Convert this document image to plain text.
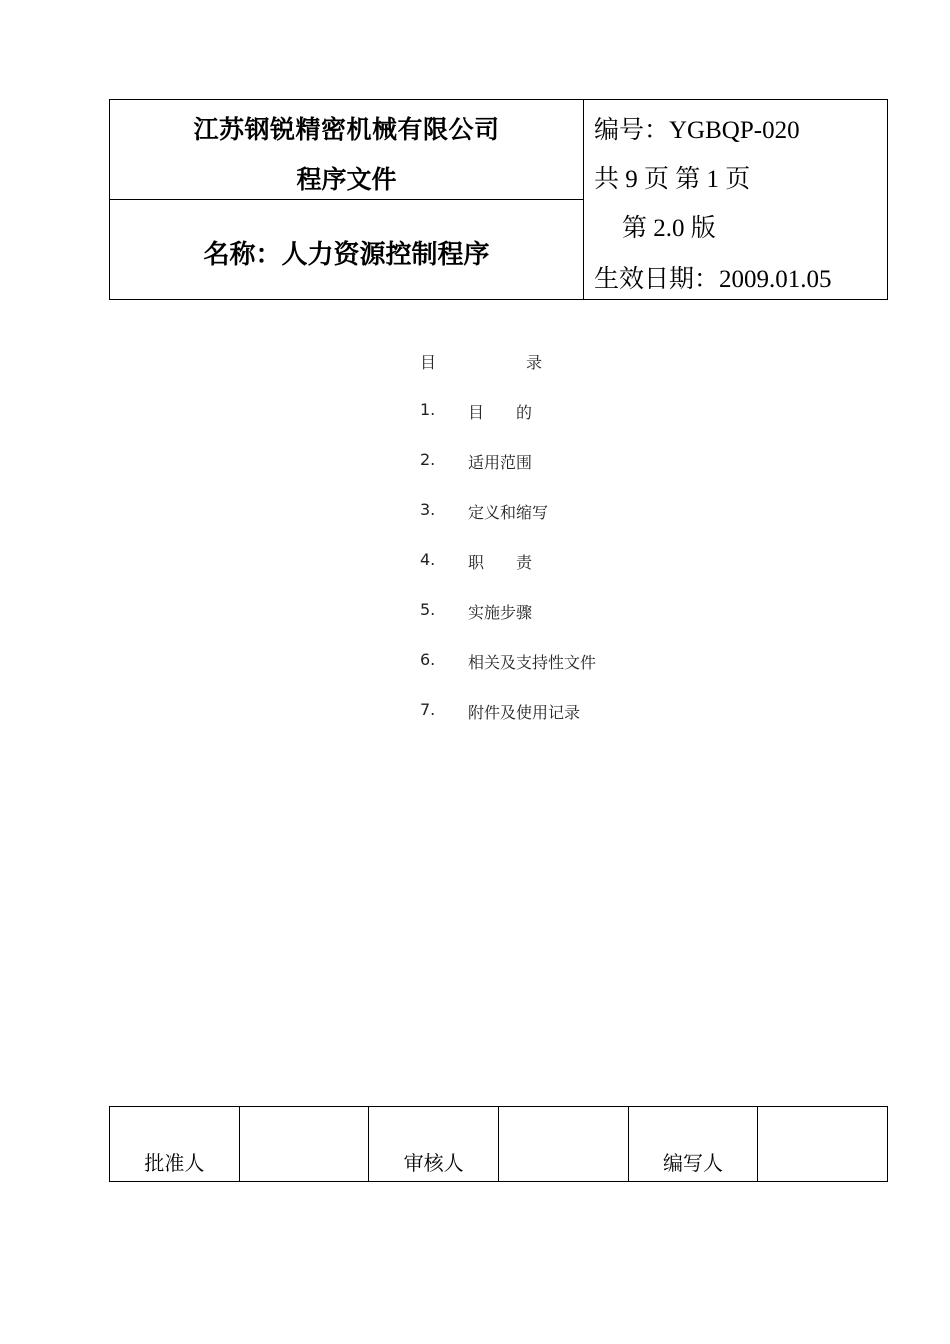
江苏钢锐精密机械有限公司
程序文件
名称：人力资源控制程序
编号：YGBQP-020
共 9 页 第 1 页
第 2.0 版
生效日期：2009.01.05
目	录
1.	目　　的
2.	适用范围
3.	定义和缩写
4.	职　　责
5.	实施步骤
6.	相关及支持性文件
7.	附件及使用记录
批准人	审核人	编写人
